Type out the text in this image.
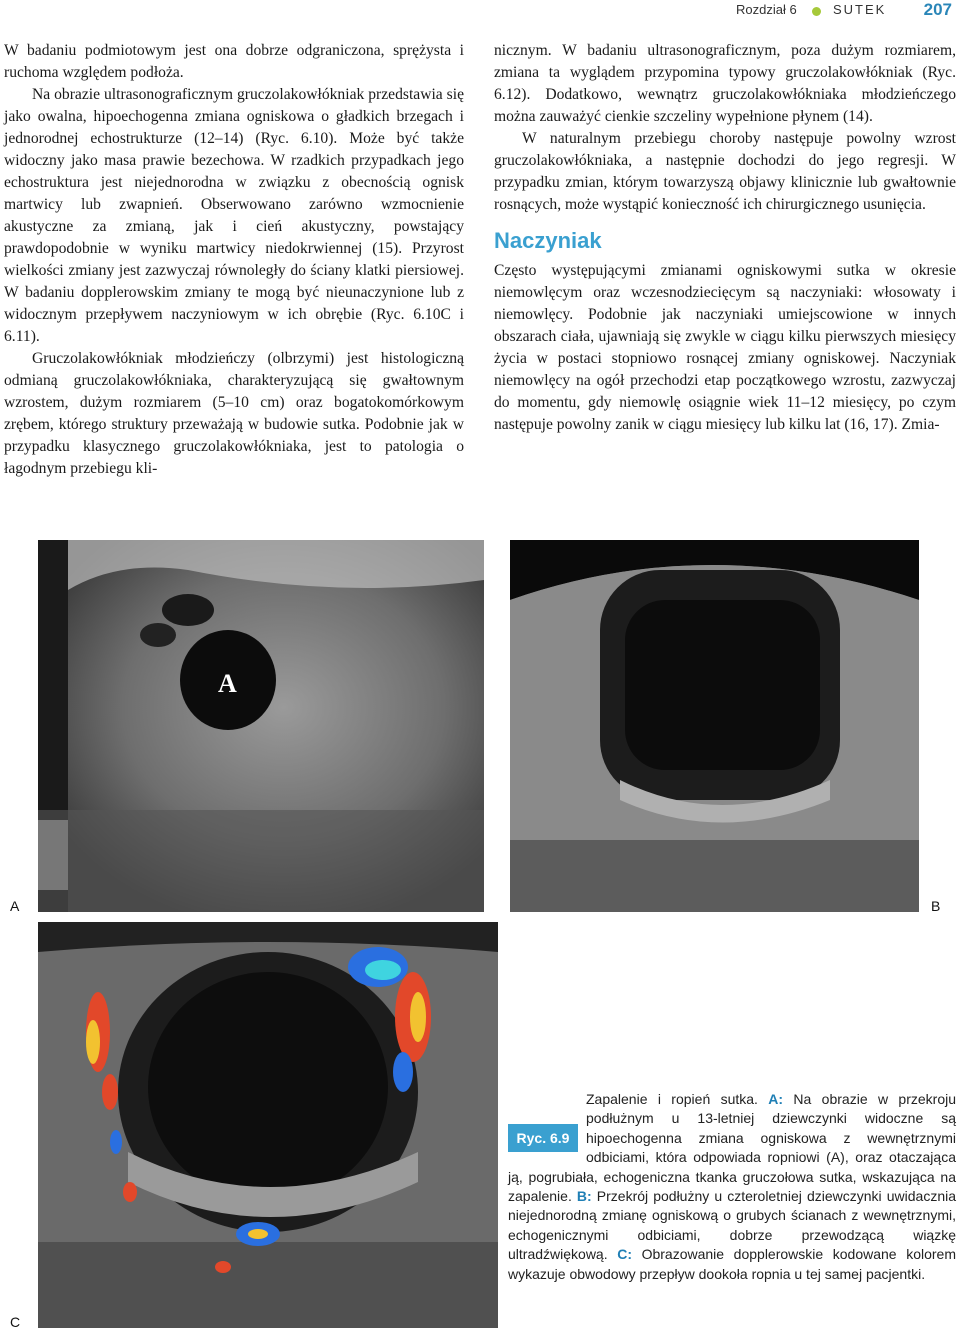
Rozdział 6	SUTEK 207

W badaniu podmiotowym jest ona dobrze odgraniczona, sprężysta i ruchoma względem podłoża.

Na obrazie ultrasonograficznym gruczolakowłókniak przedstawia się jako owalna, hipoechogenna zmiana ogniskowa o gładkich brzegach i jednorodnej echostrukturze (12–14) (Ryc. 6.10). Może być także widoczny jako masa prawie bezechowa. W rzadkich przypadkach jego echostruktura jest niejednorodna w związku z obecnością ognisk martwicy lub zwapnień. Obserwowano zarówno wzmocnienie akustyczne za zmianą, jak i cień akustyczny, powstający prawdopodobnie w wyniku martwicy niedokrwiennej (15). Przyrost wielkości zmiany jest zazwyczaj równoległy do ściany klatki piersiowej. W badaniu dopplerowskim zmiany te mogą być nieunaczynione lub z widocznym przepływem naczyniowym w ich obrębie (Ryc. 6.10C i 6.11).

Gruczolakowłókniak młodzieńczy (olbrzymi) jest histologiczną odmianą gruczolakowłókniaka, charakteryzującą się gwałtownym wzrostem, dużym rozmiarem (5–10 cm) oraz bogatokomórkowym zrębem, którego struktury przeważają w budowie sutka. Podobnie jak w przypadku klasycznego gruczolakowłókniaka, jest to patologia o łagodnym przebiegu kli-

nicznym. W badaniu ultrasonograficznym, poza dużym rozmiarem, zmiana ta wyglądem przypomina typowy gruczolakowłókniak (Ryc. 6.12). Dodatkowo, wewnątrz gruczolakowłókniaka młodzieńczego można zauważyć cienkie szczeliny wypełnione płynem (14).

W naturalnym przebiegu choroby następuje powolny wzrost gruczolakowłókniaka, a następnie dochodzi do jego regresji. W przypadku zmian, którym towarzyszą objawy klinicznie lub gwałtownie rosnących, może wystąpić konieczność ich chirurgicznego usunięcia.

Naczyniak

Często występującymi zmianami ogniskowymi sutka w okresie niemowlęcym oraz wczesnodziecięcym są naczyniaki: włosowaty i niemowlęcy. Podobnie jak naczyniaki umiejscowione w innych obszarach ciała, ujawniają się zwykle w ciągu kilku pierwszych miesięcy życia w postaci stopniowo rosnącej zmiany ogniskowej. Naczyniak niemowlęcy na ogół przechodzi etap początkowego wzrostu, zazwyczaj do momentu, gdy niemowlę osiągnie wiek 11–12 miesięcy, po czym następuje powolny zanik w ciągu miesięcy lub kilku lat (16, 17). Zmia-

A
A	B
C
Ryc. 6.9
Zapalenie i ropień sutka. A: Na obrazie w przekroju podłużnym u 13-letniej dziewczynki widoczne są hipoechogenna zmiana ogniskowa z wewnętrznymi odbiciami, która odpowiada ropniowi (A), oraz otaczająca ją, pogrubiała, echogeniczna tkanka gruczołowa sutka, wskazująca na zapalenie. B: Przekrój podłużny u czteroletniej dziewczynki uwidacznia niejednorodną zmianę ogniskową o grubych ścianach z wewnętrznymi, echogenicznymi odbiciami, dobrze przewodzącą wiązkę ultradźwiękową. C: Obrazowanie dopplerowskie kodowane kolorem wykazuje obwodowy przepływ dookoła ropnia u tej samej pacjentki.
